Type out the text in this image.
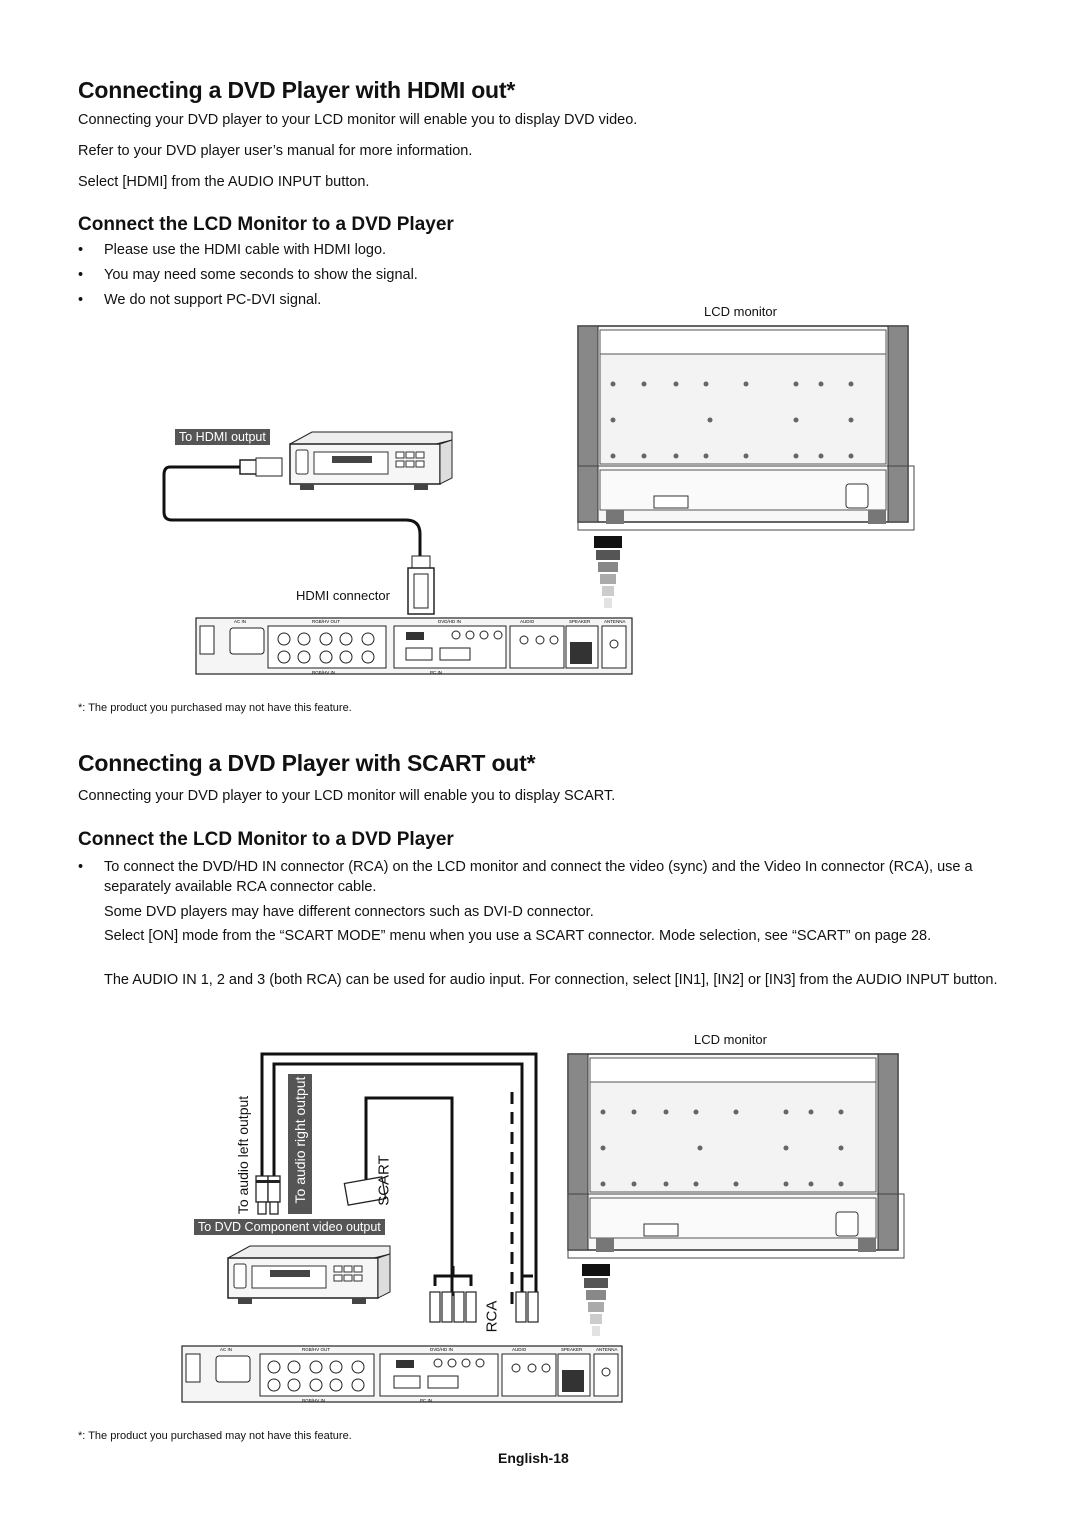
Connecting a DVD Player with HDMI out*

Connecting your DVD player to your LCD monitor will enable you to display DVD video.

Refer to your DVD player user’s manual for more information.

Select [HDMI] from the AUDIO INPUT button.

Connect the LCD Monitor to a DVD Player
• Please use the HDMI cable with HDMI logo.
• You may need some seconds to show the signal.
• We do not support PC-DVI signal.
LCD monitor
To HDMI output
HDMI connector
AC IN	RGB/HV OUT	DVD/HD IN	AUDIO	SPEAKER	ANTENNA
RGB/HV IN	PC IN
*: The product you purchased may not have this feature.
Connecting a DVD Player with SCART out*

Connecting your DVD player to your LCD monitor will enable you to display SCART.

Connect the LCD Monitor to a DVD Player
• To connect the DVD/HD IN connector (RCA) on the LCD monitor and connect the video (sync) and the Video In connector (RCA), use a separately available RCA connector cable.

Some DVD players may have different connectors such as DVI-D connector.

Select [ON] mode from the “SCART MODE” menu when you use a SCART connector. Mode selection, see “SCART” on page 28.

The AUDIO IN 1, 2 and 3 (both RCA) can be used for audio input. For connection, select [IN1], [IN2] or [IN3] from the AUDIO INPUT button.

LCD monitor
To audio left output	To audio right output	SCART
RCA
To DVD Component video output
AC IN	RGB/HV OUT	DVD/HD IN	AUDIO	SPEAKER	ANTENNA
RGB/HV IN	PC IN
*: The product you purchased may not have this feature.
English-18
